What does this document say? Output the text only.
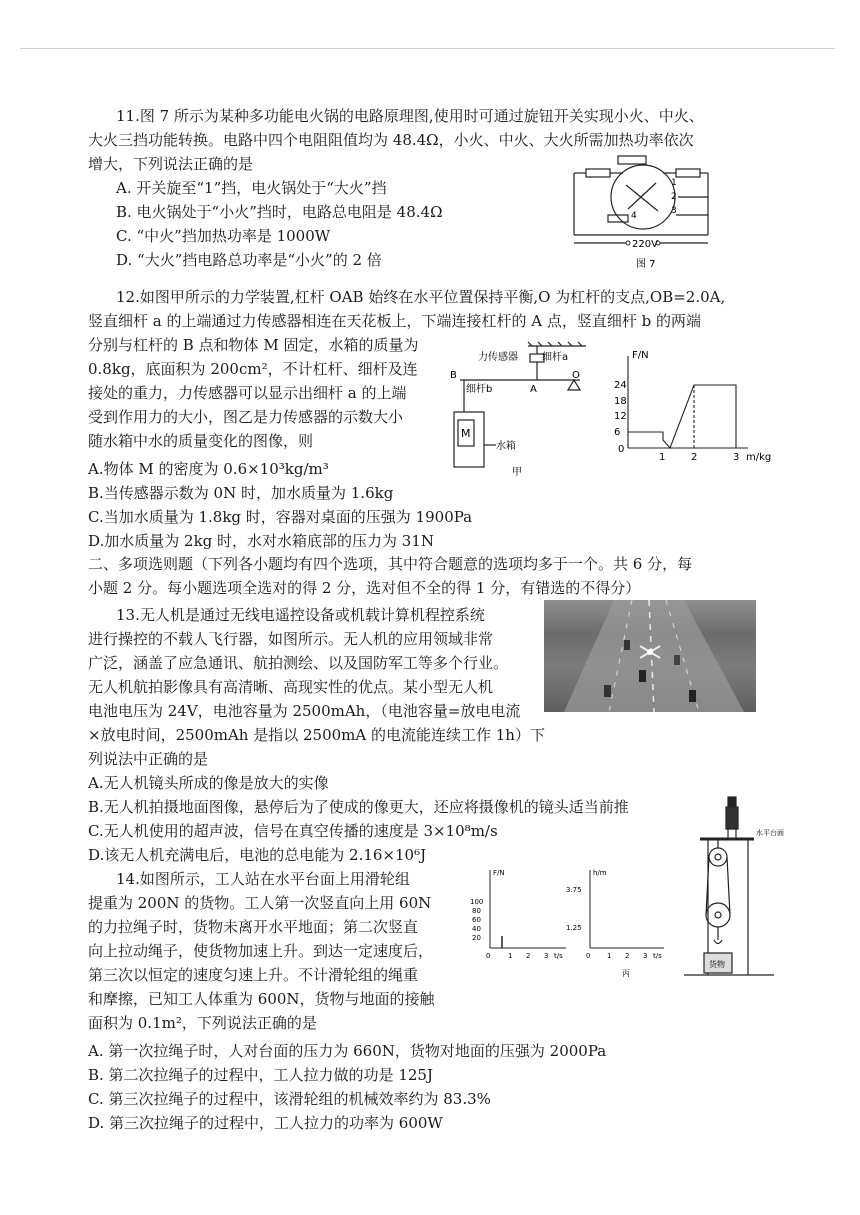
11.图 7 所示为某种多功能电火锅的电路原理图,使用时可通过旋钮开关实现小火、中火、
大火三挡功能转换。电路中四个电阻阻值均为 48.4Ω，小火、中火、大火所需加热功率依次
增大，下列说法正确的是
A. 开关旋至“1”挡，电火锅处于“大火”挡
B. 电火锅处于“小火”挡时，电路总电阻是 48.4Ω
C. “中火”挡加热功率是 1000W
D. “大火”挡电路总功率是“小火”的 2 倍
1
2
3
4
220V
图 7
12.如图甲所示的力学装置,杠杆 OAB 始终在水平位置保持平衡,O 为杠杆的支点,OB=2.0A,
竖直细杆 a 的上端通过力传感器相连在天花板上，下端连接杠杆的 A 点，竖直细杆 b 的两端
分别与杠杆的 B 点和物体 M 固定，水箱的质量为
0.8kg，底面积为 200cm²，不计杠杆、细杆及连
接处的重力，力传感器可以显示出细杆 a 的上端
受到作用力的大小，图乙是力传感器的示数大小
随水箱中水的质量变化的图像，则
A.物体 M 的密度为 0.6×10³kg/m³
B.当传感器示数为 0N 时，加水质量为 1.6kg
C.当加水质量为 1.8kg 时，容器对桌面的压强为 1900Pa
D.加水质量为 2kg 时，水对水箱底部的压力为 31N
力传感器 细杆a
B
A
O
细杆b
M
水箱
甲
F/N
24
18
12
6
0
1	2	3 m/kg
二、多项选则题（下列各小题均有四个选项，其中符合题意的选项均多于一个。共 6 分，每
小题 2 分。每小题选项全选对的得 2 分，选对但不全的得 1 分，有错选的不得分）
13.无人机是通过无线电遥控设备或机载计算机程控系统
进行操控的不载人飞行器，如图所示。无人机的应用领域非常
广泛，涵盖了应急通讯、航拍测绘、以及国防军工等多个行业。
无人机航拍影像具有高清晰、高现实性的优点。某小型无人机
电池电压为 24V，电池容量为 2500mAh，（电池容量=放电电流
×放电时间，2500mAh 是指以 2500mA 的电流能连续工作 1h）下
列说法中正确的是
A.无人机镜头所成的像是放大的实像
B.无人机拍摄地面图像，悬停后为了使成的像更大，还应将摄像机的镜头适当前推
C.无人机使用的超声波，信号在真空传播的速度是 3×10⁸m/s
D.该无人机充满电后，电池的总电能为 2.16×10⁶J
14.如图所示，工人站在水平台面上用滑轮组
提重为 200N 的货物。工人第一次竖直向上用 60N
的力拉绳子时，货物未离开水平地面；第二次竖直
向上拉动绳子，使货物加速上升。到达一定速度后，
第三次以恒定的速度匀速上升。不计滑轮组的绳重
和摩擦，已知工人体重为 600N，货物与地面的接触
面积为 0.1m²，下列说法正确的是
A. 第一次拉绳子时，人对台面的压力为 660N，货物对地面的压强为 2000Pa
B. 第二次拉绳子的过程中，工人拉力做的功是 125J
C. 第三次拉绳子的过程中，该滑轮组的机械效率约为 83.3%
D. 第三次拉绳子的过程中，工人拉力的功率为 600W
F/N
100
80
60
40
20
0	1 2 3 t/s
h/m
3.75
1.25
0 1 2 3 t/s
丙
水平台面
货物
